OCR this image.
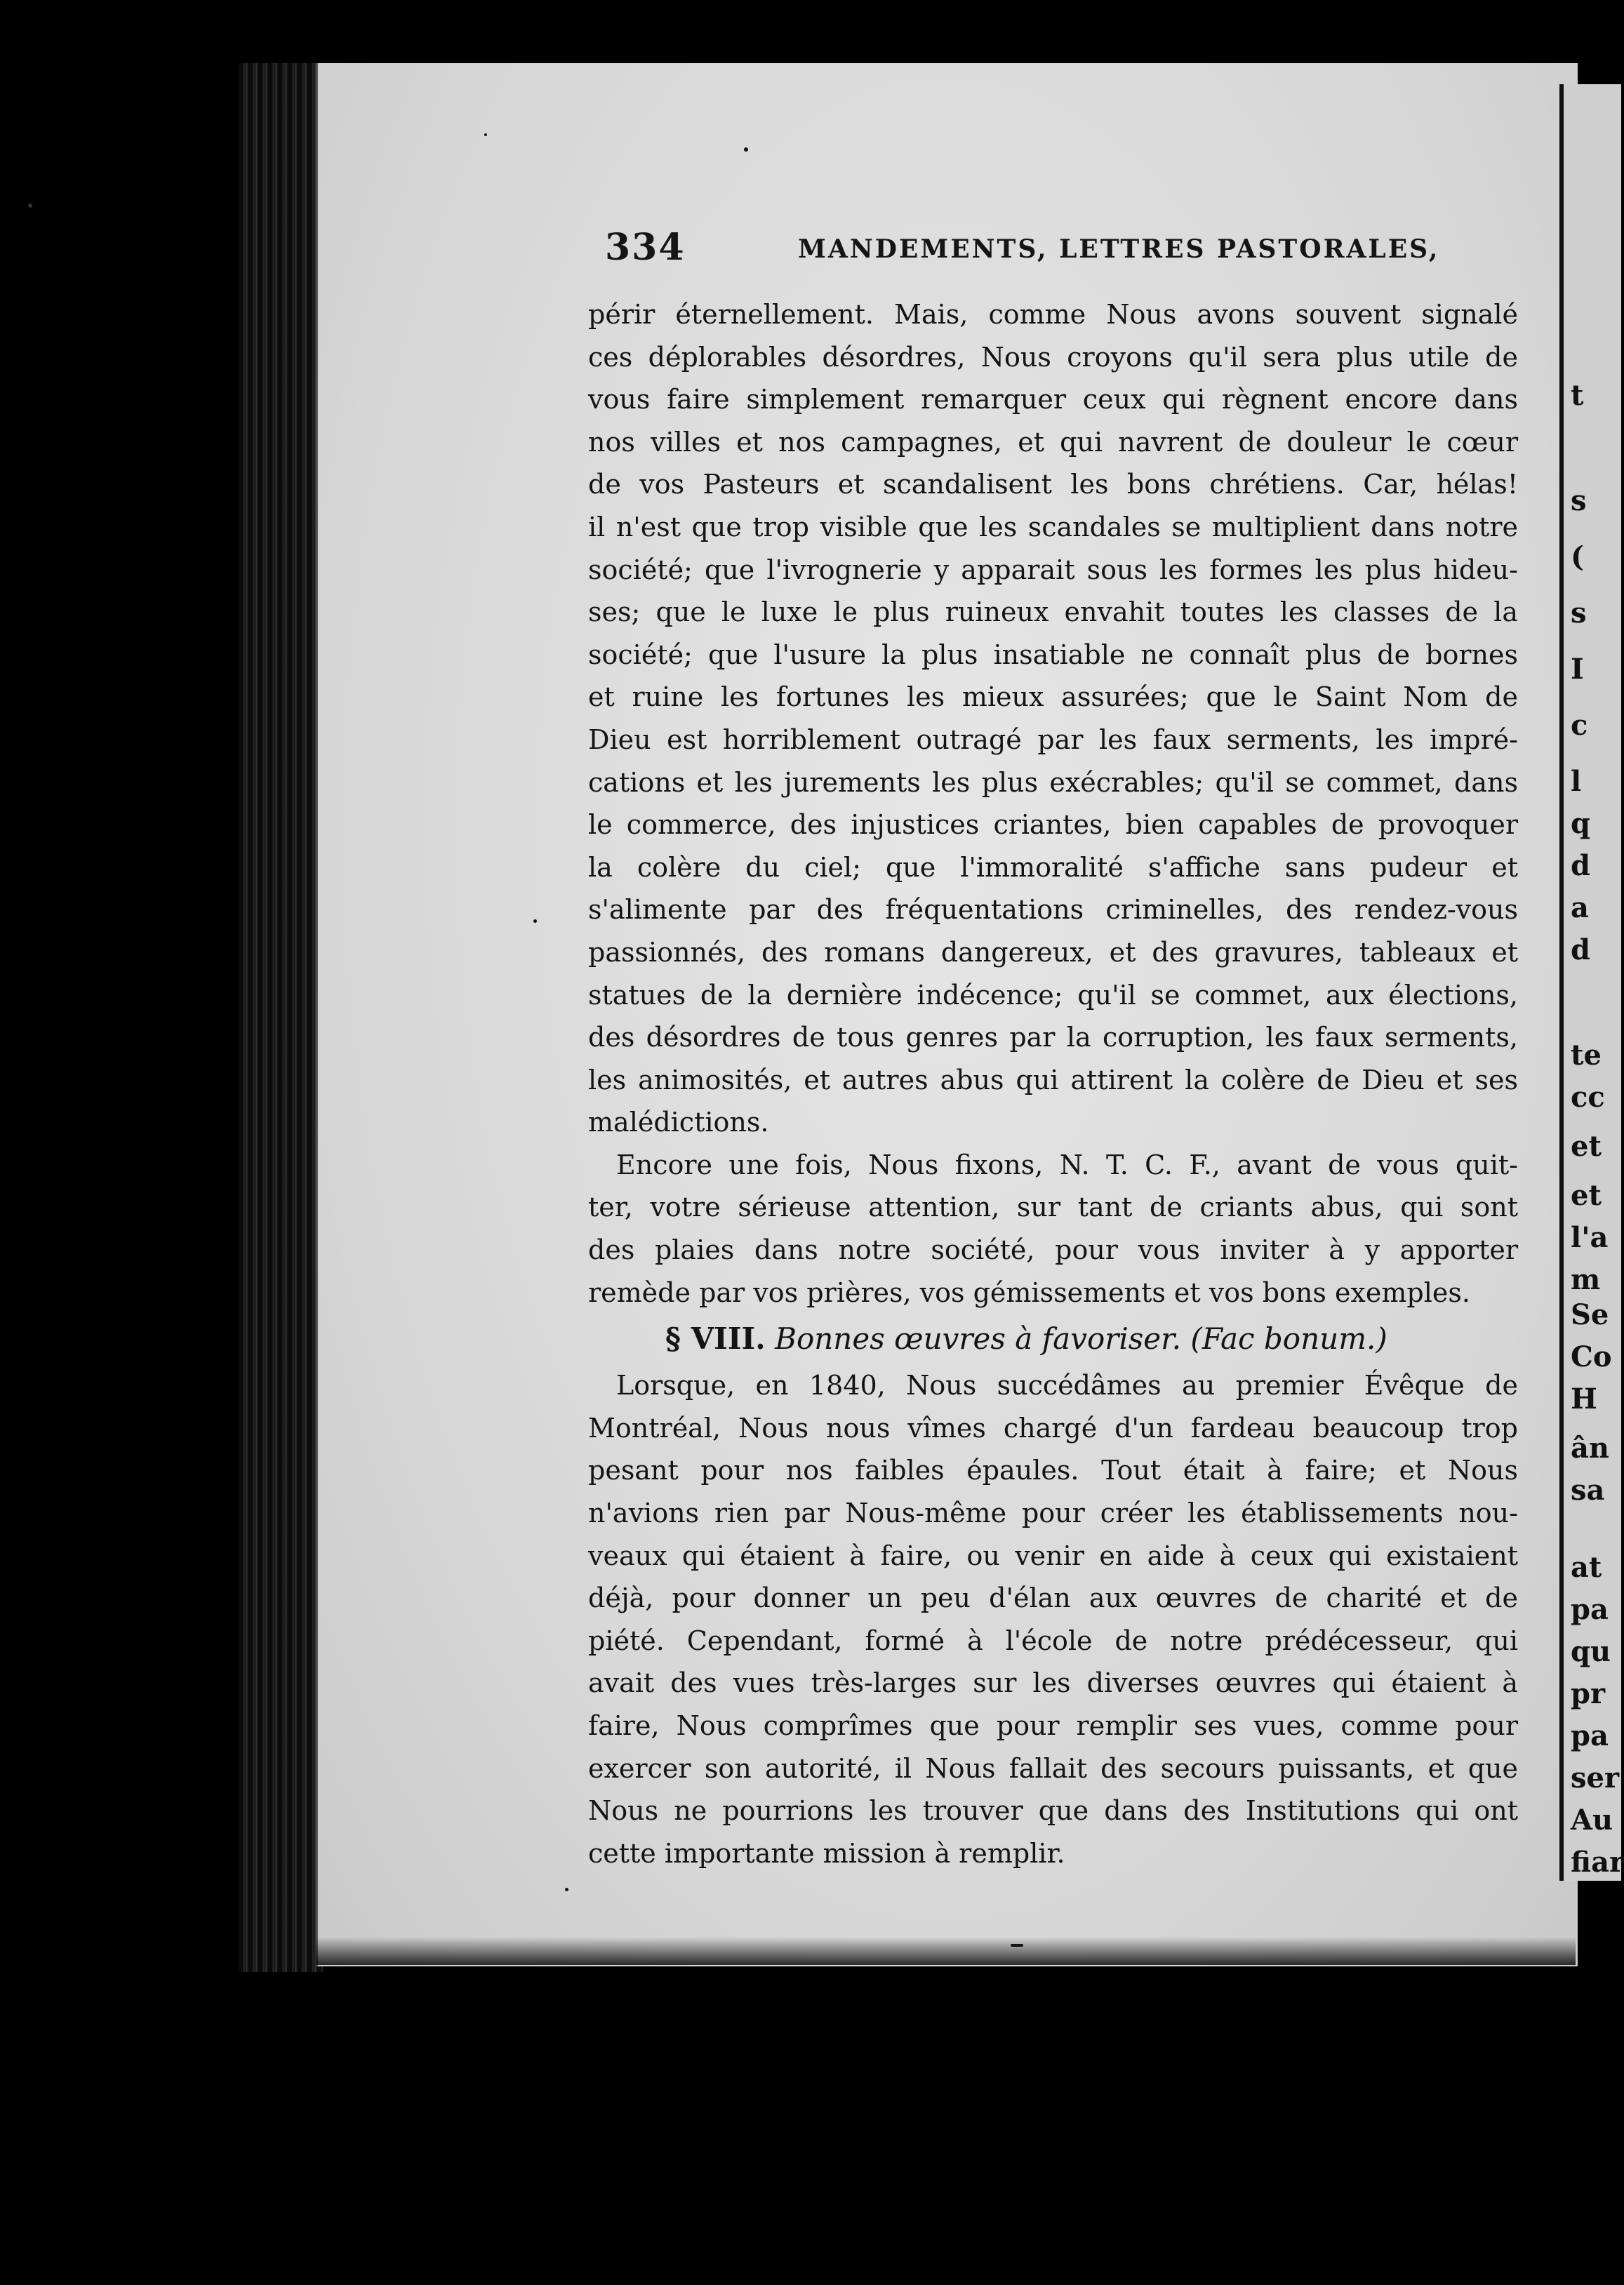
t
s
(
s
I
c
l
q
d
a
d
te
cc
et
et
l'a
m
Se
Co
H
ân
sa
at
pa
qu
pr
pa
ser
Au
fiar
334	MANDEMENTS, LETTRES PASTORALES,
périr éternellement. Mais, comme Nous avons souvent signalé
ces déplorables désordres, Nous croyons qu'il sera plus utile de
vous faire simplement remarquer ceux qui règnent encore dans
nos villes et nos campagnes, et qui navrent de douleur le cœur
de vos Pasteurs et scandalisent les bons chrétiens. Car, hélas!
il n'est que trop visible que les scandales se multiplient dans notre
société; que l'ivrognerie y apparait sous les formes les plus hideu-
ses; que le luxe le plus ruineux envahit toutes les classes de la
société; que l'usure la plus insatiable ne connaît plus de bornes
et ruine les fortunes les mieux assurées; que le Saint Nom de
Dieu est horriblement outragé par les faux serments, les impré-
cations et les jurements les plus exécrables; qu'il se commet, dans
le commerce, des injustices criantes, bien capables de provoquer
la colère du ciel; que l'immoralité s'affiche sans pudeur et
s'alimente par des fréquentations criminelles, des rendez-vous
passionnés, des romans dangereux, et des gravures, tableaux et
statues de la dernière indécence; qu'il se commet, aux élections,
des désordres de tous genres par la corruption, les faux serments,
les animosités, et autres abus qui attirent la colère de Dieu et ses
malédictions.
Encore une fois, Nous fixons, N. T. C. F., avant de vous quit-
ter, votre sérieuse attention, sur tant de criants abus, qui sont
des plaies dans notre société, pour vous inviter à y apporter
remède par vos prières, vos gémissements et vos bons exemples.
§ VIII. Bonnes œuvres à favoriser. (Fac bonum.)
Lorsque, en 1840, Nous succédâmes au premier Évêque de
Montréal, Nous nous vîmes chargé d'un fardeau beaucoup trop
pesant pour nos faibles épaules. Tout était à faire; et Nous
n'avions rien par Nous-même pour créer les établissements nou-
veaux qui étaient à faire, ou venir en aide à ceux qui existaient
déjà, pour donner un peu d'élan aux œuvres de charité et de
piété. Cependant, formé à l'école de notre prédécesseur, qui
avait des vues très-larges sur les diverses œuvres qui étaient à
faire, Nous comprîmes que pour remplir ses vues, comme pour
exercer son autorité, il Nous fallait des secours puissants, et que
Nous ne pourrions les trouver que dans des Institutions qui ont
cette importante mission à remplir.
